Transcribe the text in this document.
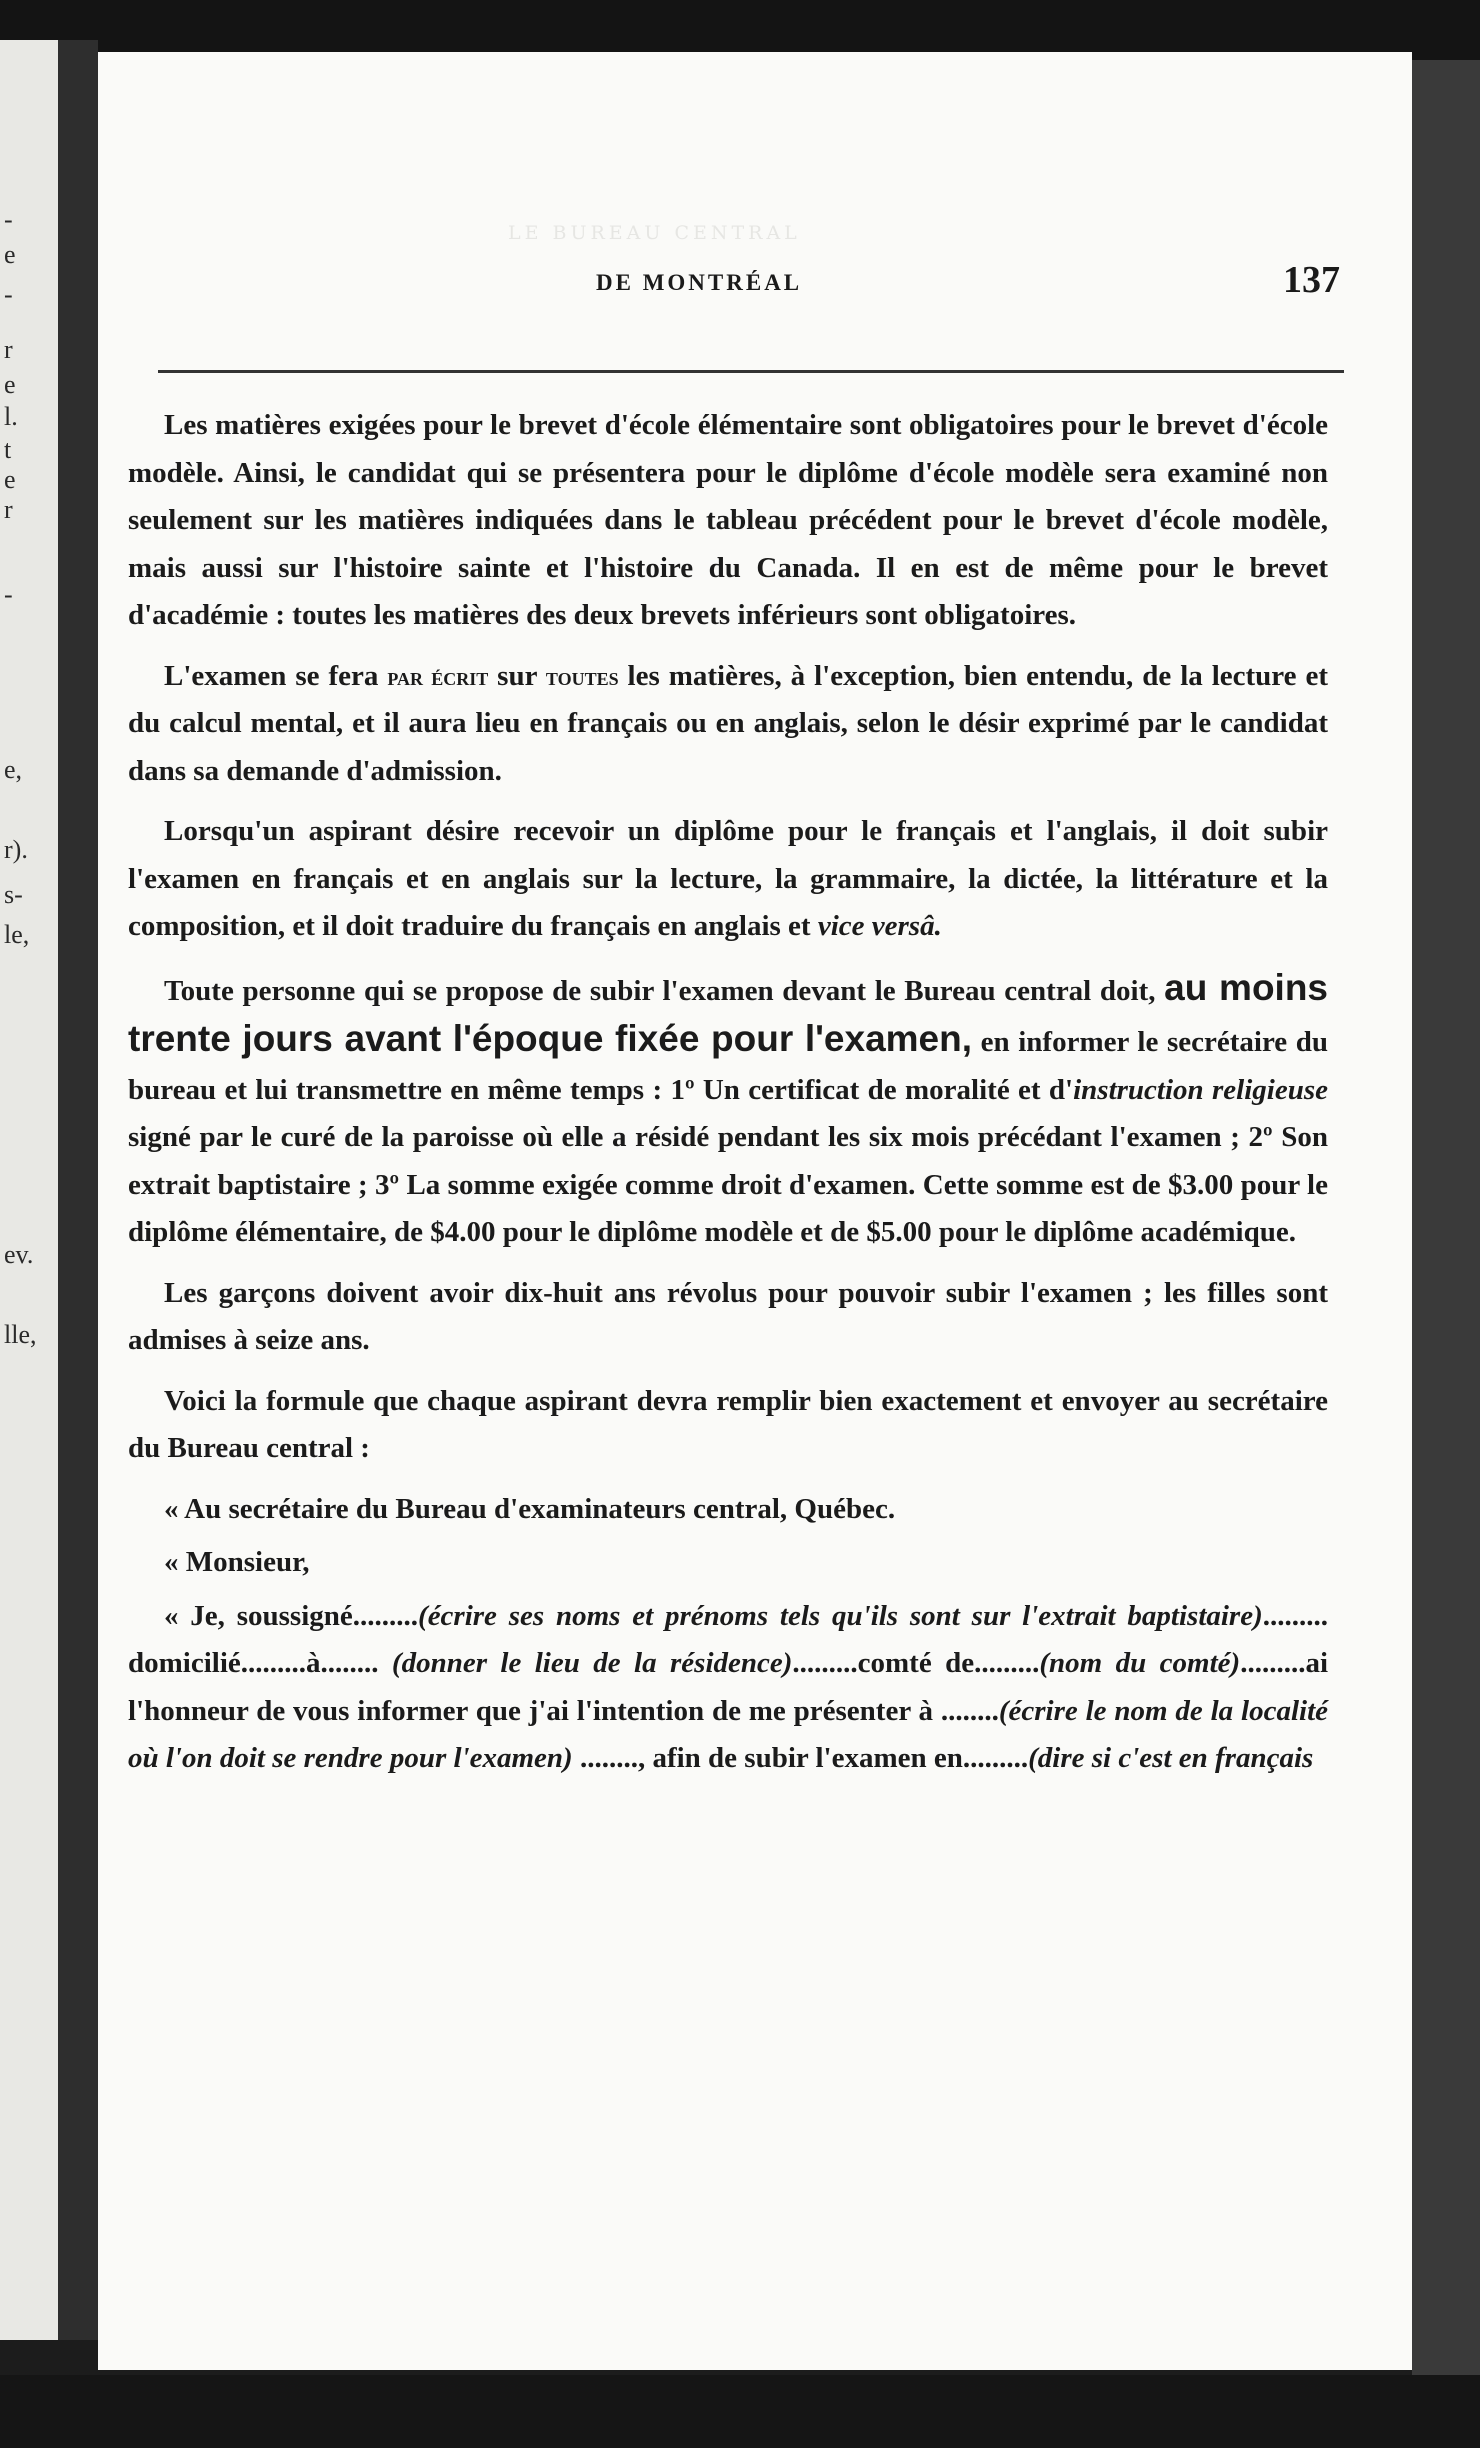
-
e
-
r
e
l.
t
e
r
-
e,
r).
s-
le,
ev.
lle,
LE BUREAU CENTRAL
DE MONTRÉAL	137

Les matières exigées pour le brevet d'école élémentaire sont obligatoires pour le brevet d'école modèle. Ainsi, le candidat qui se présentera pour le diplôme d'école modèle sera examiné non seulement sur les matières indiquées dans le tableau précédent pour le brevet d'école modèle, mais aussi sur l'histoire sainte et l'histoire du Canada. Il en est de même pour le brevet d'académie : toutes les matières des deux brevets inférieurs sont obligatoires.

L'examen se fera par écrit sur toutes les matières, à l'exception, bien entendu, de la lecture et du calcul mental, et il aura lieu en français ou en anglais, selon le désir exprimé par le candidat dans sa demande d'admission.

Lorsqu'un aspirant désire recevoir un diplôme pour le français et l'anglais, il doit subir l'examen en français et en anglais sur la lecture, la grammaire, la dictée, la littérature et la composition, et il doit traduire du français en anglais et vice versâ.

Toute personne qui se propose de subir l'examen devant le Bureau central doit, au moins trente jours avant l'époque fixée pour l'examen, en informer le secrétaire du bureau et lui transmettre en même temps : 1º Un certificat de moralité et d'instruction religieuse signé par le curé de la paroisse où elle a résidé pendant les six mois précédant l'examen ; 2º Son extrait baptistaire ; 3º La somme exigée comme droit d'examen. Cette somme est de $3.00 pour le diplôme élémentaire, de $4.00 pour le diplôme modèle et de $5.00 pour le diplôme académique.

Les garçons doivent avoir dix-huit ans révolus pour pouvoir subir l'examen ; les filles sont admises à seize ans.

Voici la formule que chaque aspirant devra remplir bien exactement et envoyer au secrétaire du Bureau central :

« Au secrétaire du Bureau d'examinateurs central, Québec.

« Monsieur,

« Je, soussigné.........(écrire ses noms et prénoms tels qu'ils sont sur l'extrait baptistaire)......... domicilié.........à........ (donner le lieu de la résidence).........comté de.........(nom du comté).........ai l'honneur de vous informer que j'ai l'intention de me présenter à ........(écrire le nom de la localité où l'on doit se rendre pour l'examen) ........, afin de subir l'examen en.........(dire si c'est en français
